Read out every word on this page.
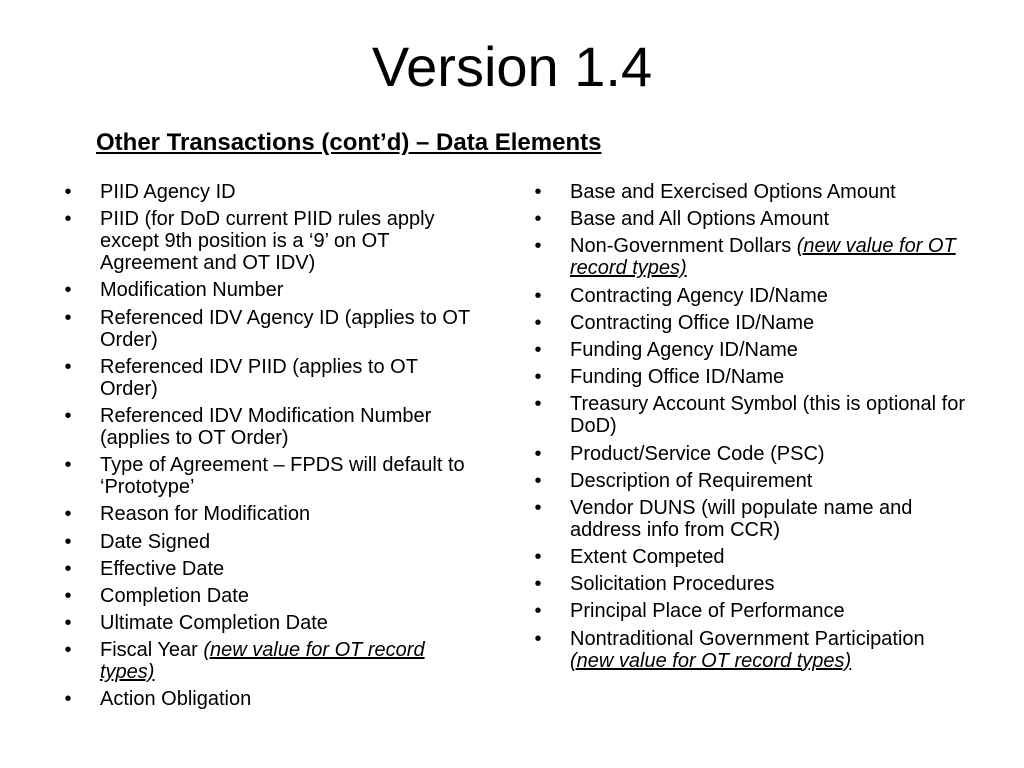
Version 1.4
Other Transactions (cont’d) – Data Elements
• PIID Agency ID
• PIID (for DoD current PIID rules apply except 9th position is a ‘9’ on OT Agreement and OT IDV)
• Modification Number
• Referenced IDV Agency ID (applies to OT Order)
• Referenced IDV PIID (applies to OT Order)
• Referenced IDV Modification Number (applies to OT Order)
• Type of Agreement – FPDS will default to ‘Prototype’
• Reason for Modification
• Date Signed
• Effective Date
• Completion Date
• Ultimate Completion Date
• Fiscal Year (new value for OT record types)
• Action Obligation
• Base and Exercised Options Amount
• Base and All Options Amount
• Non-Government Dollars (new value for OT record types)
• Contracting Agency ID/Name
• Contracting Office ID/Name
• Funding Agency ID/Name
• Funding Office ID/Name
• Treasury Account Symbol (this is optional for DoD)
• Product/Service Code (PSC)
• Description of Requirement
• Vendor DUNS (will populate name and address info from CCR)
• Extent Competed
• Solicitation Procedures
• Principal Place of Performance
• Nontraditional Government Participation (new value for OT record types)
